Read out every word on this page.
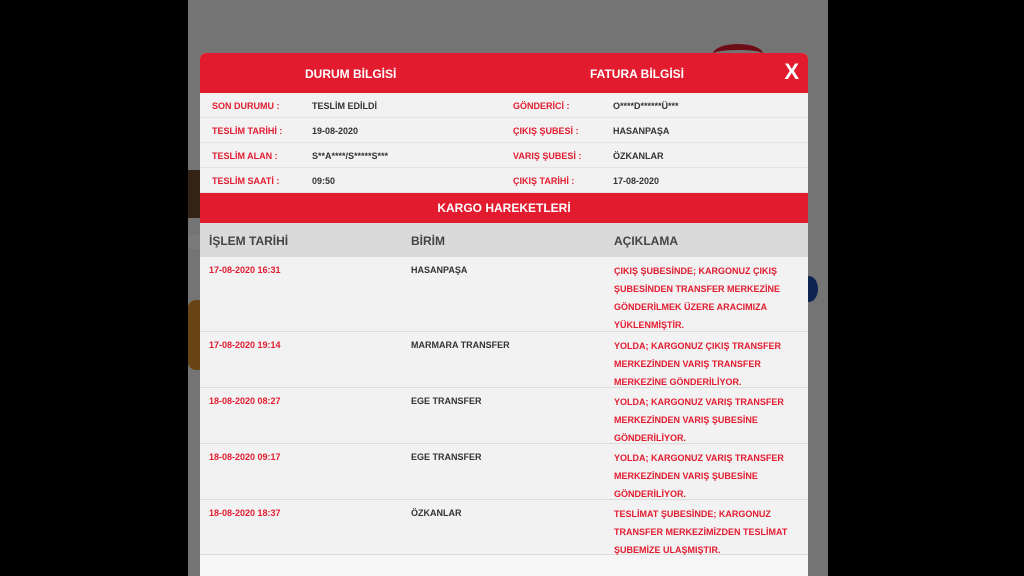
DURUM BİLGİSİ	FATURA BİLGİSİ	X
SON DURUMU :	TESLİM EDİLDİ	GÖNDERİCİ :	O****D******Ü***
TESLİM TARİHİ :	19-08-2020	ÇIKIŞ ŞUBESİ :	HASANPAŞA
TESLİM ALAN :	S**A****/S*****S***	VARIŞ ŞUBESİ :	ÖZKANLAR
TESLİM SAATİ :	09:50	ÇIKIŞ TARİHİ :	17-08-2020
KARGO HAREKETLERİ
İŞLEM TARİHİ	BİRİM	AÇIKLAMA
17-08-2020 16:31	HASANPAŞA	ÇIKIŞ ŞUBESİNDE; KARGONUZ ÇIKIŞ ŞUBESİNDEN TRANSFER MERKEZİNE GÖNDERİLMEK ÜZERE ARACIMIZA YÜKLENMİŞTİR.
17-08-2020 19:14	MARMARA TRANSFER	YOLDA; KARGONUZ ÇIKIŞ TRANSFER MERKEZİNDEN VARIŞ TRANSFER MERKEZİNE GÖNDERİLİYOR.
18-08-2020 08:27	EGE TRANSFER	YOLDA; KARGONUZ VARIŞ TRANSFER MERKEZİNDEN VARIŞ ŞUBESİNE GÖNDERİLİYOR.
18-08-2020 09:17	EGE TRANSFER	YOLDA; KARGONUZ VARIŞ TRANSFER MERKEZİNDEN VARIŞ ŞUBESİNE GÖNDERİLİYOR.
18-08-2020 18:37	ÖZKANLAR	TESLİMAT ŞUBESİNDE; KARGONUZ TRANSFER MERKEZİMİZDEN TESLİMAT ŞUBEMİZE ULAŞMIŞTIR.
